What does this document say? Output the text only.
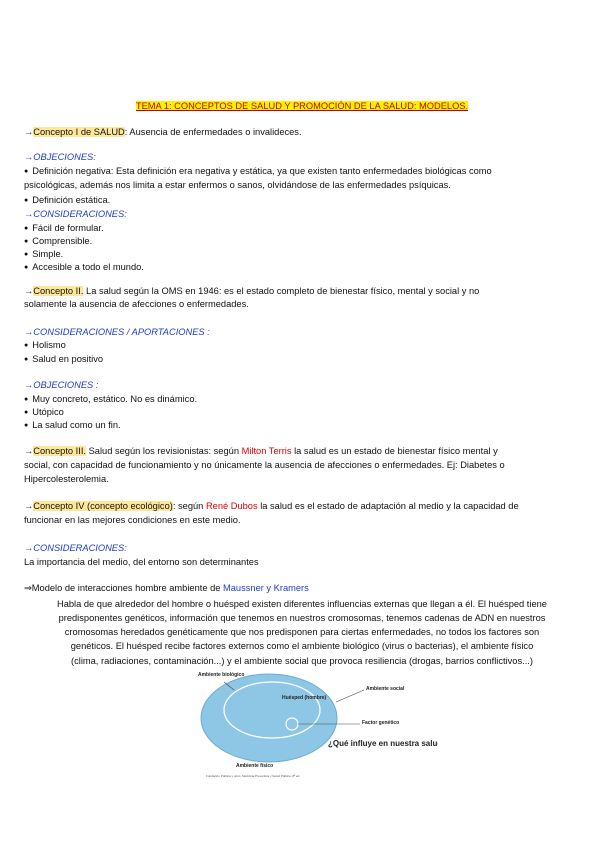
TEMA 1: CONCEPTOS DE SALUD Y PROMOCIÓN DE LA SALUD: MODELOS.
→Concepto I de SALUD: Ausencia de enfermedades o invalideces.
→OBJECIONES:
● Definición negativa: Esta definición era negativa y estática, ya que existen tanto enfermedades biológicas como
psicológicas, además nos limita a estar enfermos o sanos, olvidándose de las enfermedades psíquicas.
● Definición estática.
→CONSIDERACIONES:
● Fácil de formular.
● Comprensible.
● Simple.
● Accesible a todo el mundo.
→Concepto II. La salud según la OMS en 1946: es el estado completo de bienestar físico, mental y social y no
solamente la ausencia de afecciones o enfermedades.
→CONSIDERACIONES / APORTACIONES :
● Holismo
● Salud en positivo
→OBJECIONES :
● Muy concreto, estático. No es dinámico.
● Utópico
● La salud como un fin.
→Concepto III. Salud según los revisionistas: según Milton Terris la salud es un estado de bienestar físico mental y
social, con capacidad de funcionamiento y no únicamente la ausencia de afecciones o enfermedades. Ej: Diabetes o
Hipercolesterolemia.
→Concepto IV (concepto ecológico): según René Dubos la salud es el estado de adaptación al medio y la capacidad de
funcionar en las mejores condiciones en este medio.
→CONSIDERACIONES:
La importancia del medio, del entorno son determinantes
⇒Modelo de interacciones hombre ambiente de Maussner y Kramers
Habla de que alrededor del hombre o huésped existen diferentes influencias externas que llegan a él. El huésped tiene
predisponentes genéticos, información que tenemos en nuestros cromosomas, tenemos cadenas de ADN en nuestros
cromosomas heredados genéticamente que nos predisponen para ciertas enfermedades, no todos los factores son
genéticos. El huésped recibe factores externos como el ambiente biológico (virus o bacterias), el ambiente físico
(clima, radiaciones, contaminación...) y el ambiente social que provoca resiliencia (drogas, barrios conflictivos...)
Ambiente biológico
Ambiente social
Huésped (hombre)
Factor genético
¿Qué influye en nuestra salud?
Ambiente físico
Fundación Pública y otros. Medicina Preventiva y Salud Pública, 8ª ed.
